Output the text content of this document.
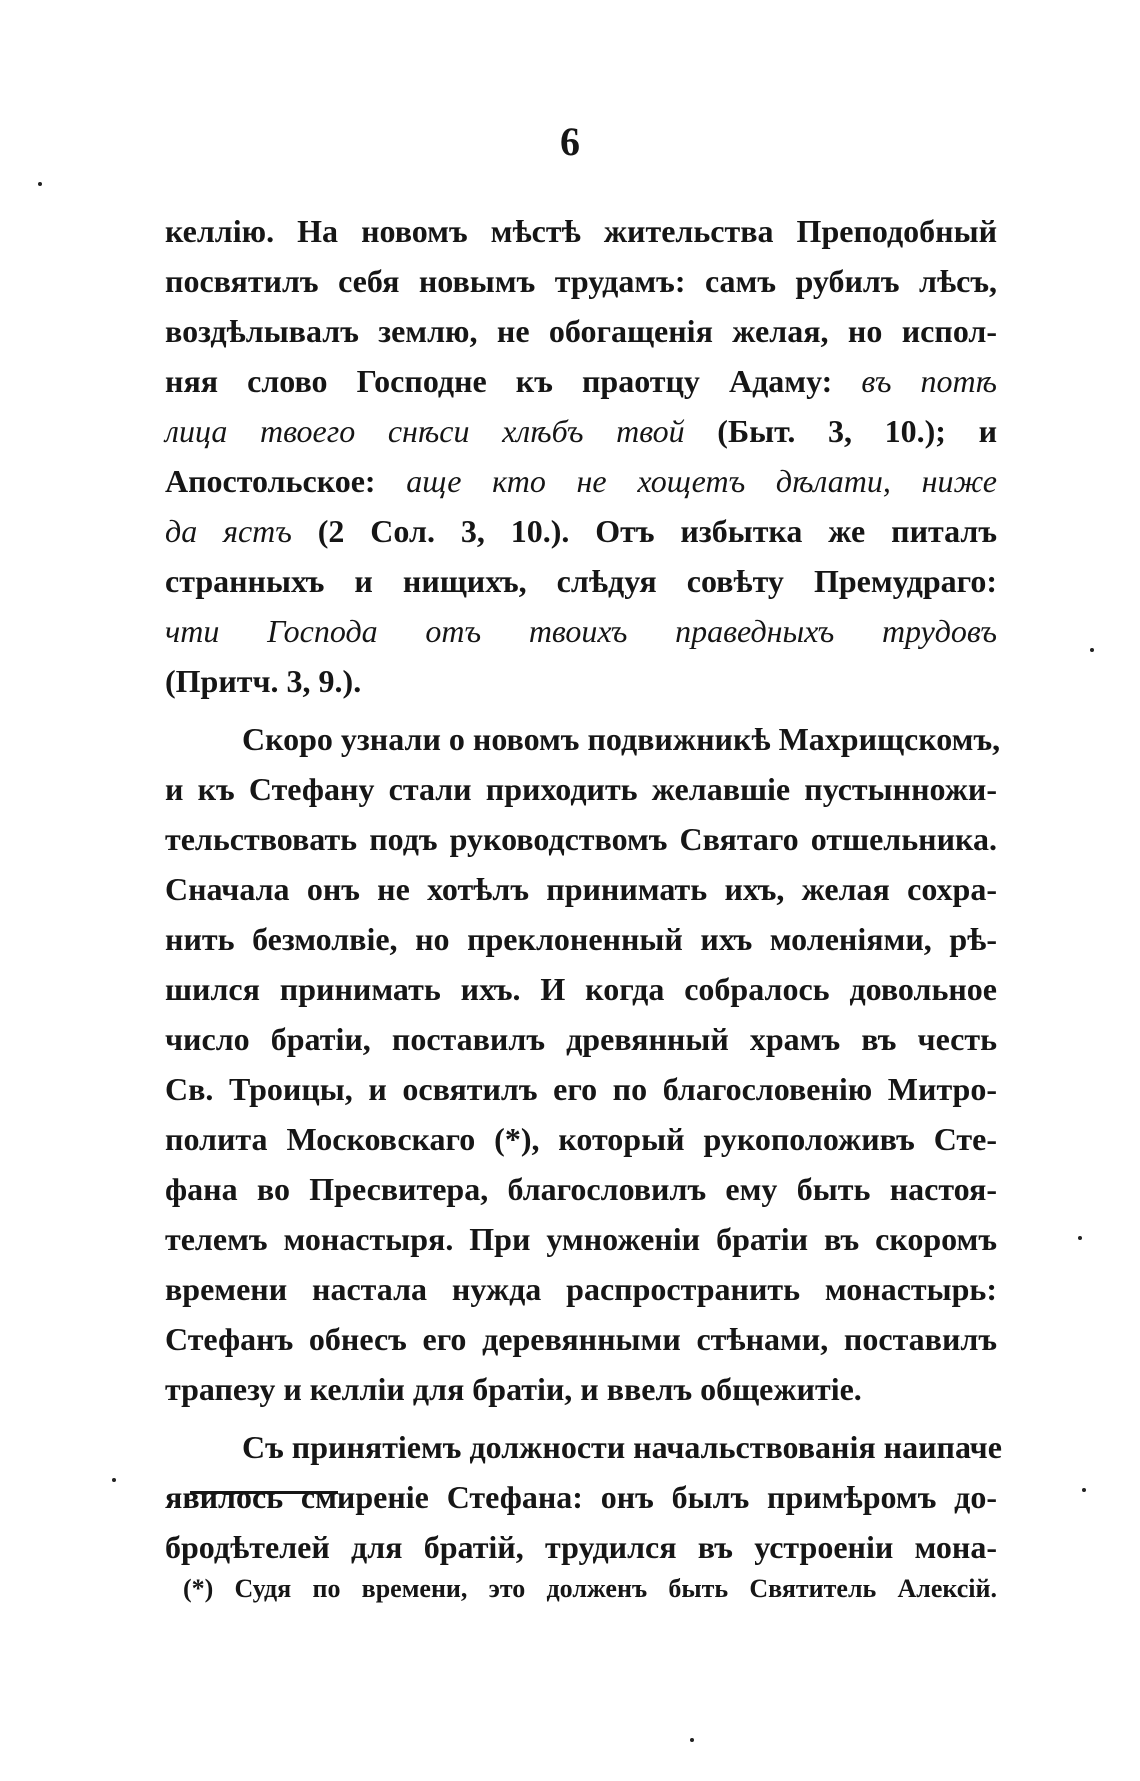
6
келлію. На новомъ мѣстѣ жительства Преподобный
посвятилъ себя новымъ трудамъ: самъ рубилъ лѣсъ,
воздѣлывалъ землю, не обогащенія желая, но испол-
няя слово Господне къ праотцу Адаму: въ потѣ
лица твоего снѣси хлѣбъ твой (Быт. 3, 10.); и
Апостольское: аще кто не хощетъ дѣлати, ниже
да ястъ (2 Сол. 3, 10.). Отъ избытка же питалъ
странныхъ и нищихъ, слѣдуя совѣту Премудраго:
чти Господа отъ твоихъ праведныхъ трудовъ
(Притч. 3, 9.).
Скоро узнали о новомъ подвижникѣ Махрищскомъ,
и къ Стефану стали приходить желавшіе пустынножи-
тельствовать подъ руководствомъ Святаго отшельника.
Сначала онъ не хотѣлъ принимать ихъ, желая сохра-
нить безмолвіе, но преклоненный ихъ моленіями, рѣ-
шился принимать ихъ. И когда собралось довольное
число братіи, поставилъ древянный храмъ въ честь
Св. Троицы, и освятилъ его по благословенію Митро-
полита Московскаго (*), который рукоположивъ Сте-
фана во Пресвитера, благословилъ ему быть настоя-
телемъ монастыря. При умноженіи братіи въ скоромъ
времени настала нужда распространить монастырь:
Стефанъ обнесъ его деревянными стѣнами, поставилъ
трапезу и келліи для братіи, и ввелъ общежитіе.
Съ принятіемъ должности начальствованія наипаче
явилось смиреніе Стефана: онъ былъ примѣромъ до-
бродѣтелей для братій, трудился въ устроеніи мона-
(*) Судя по времени, это долженъ быть Святитель Алексій.
